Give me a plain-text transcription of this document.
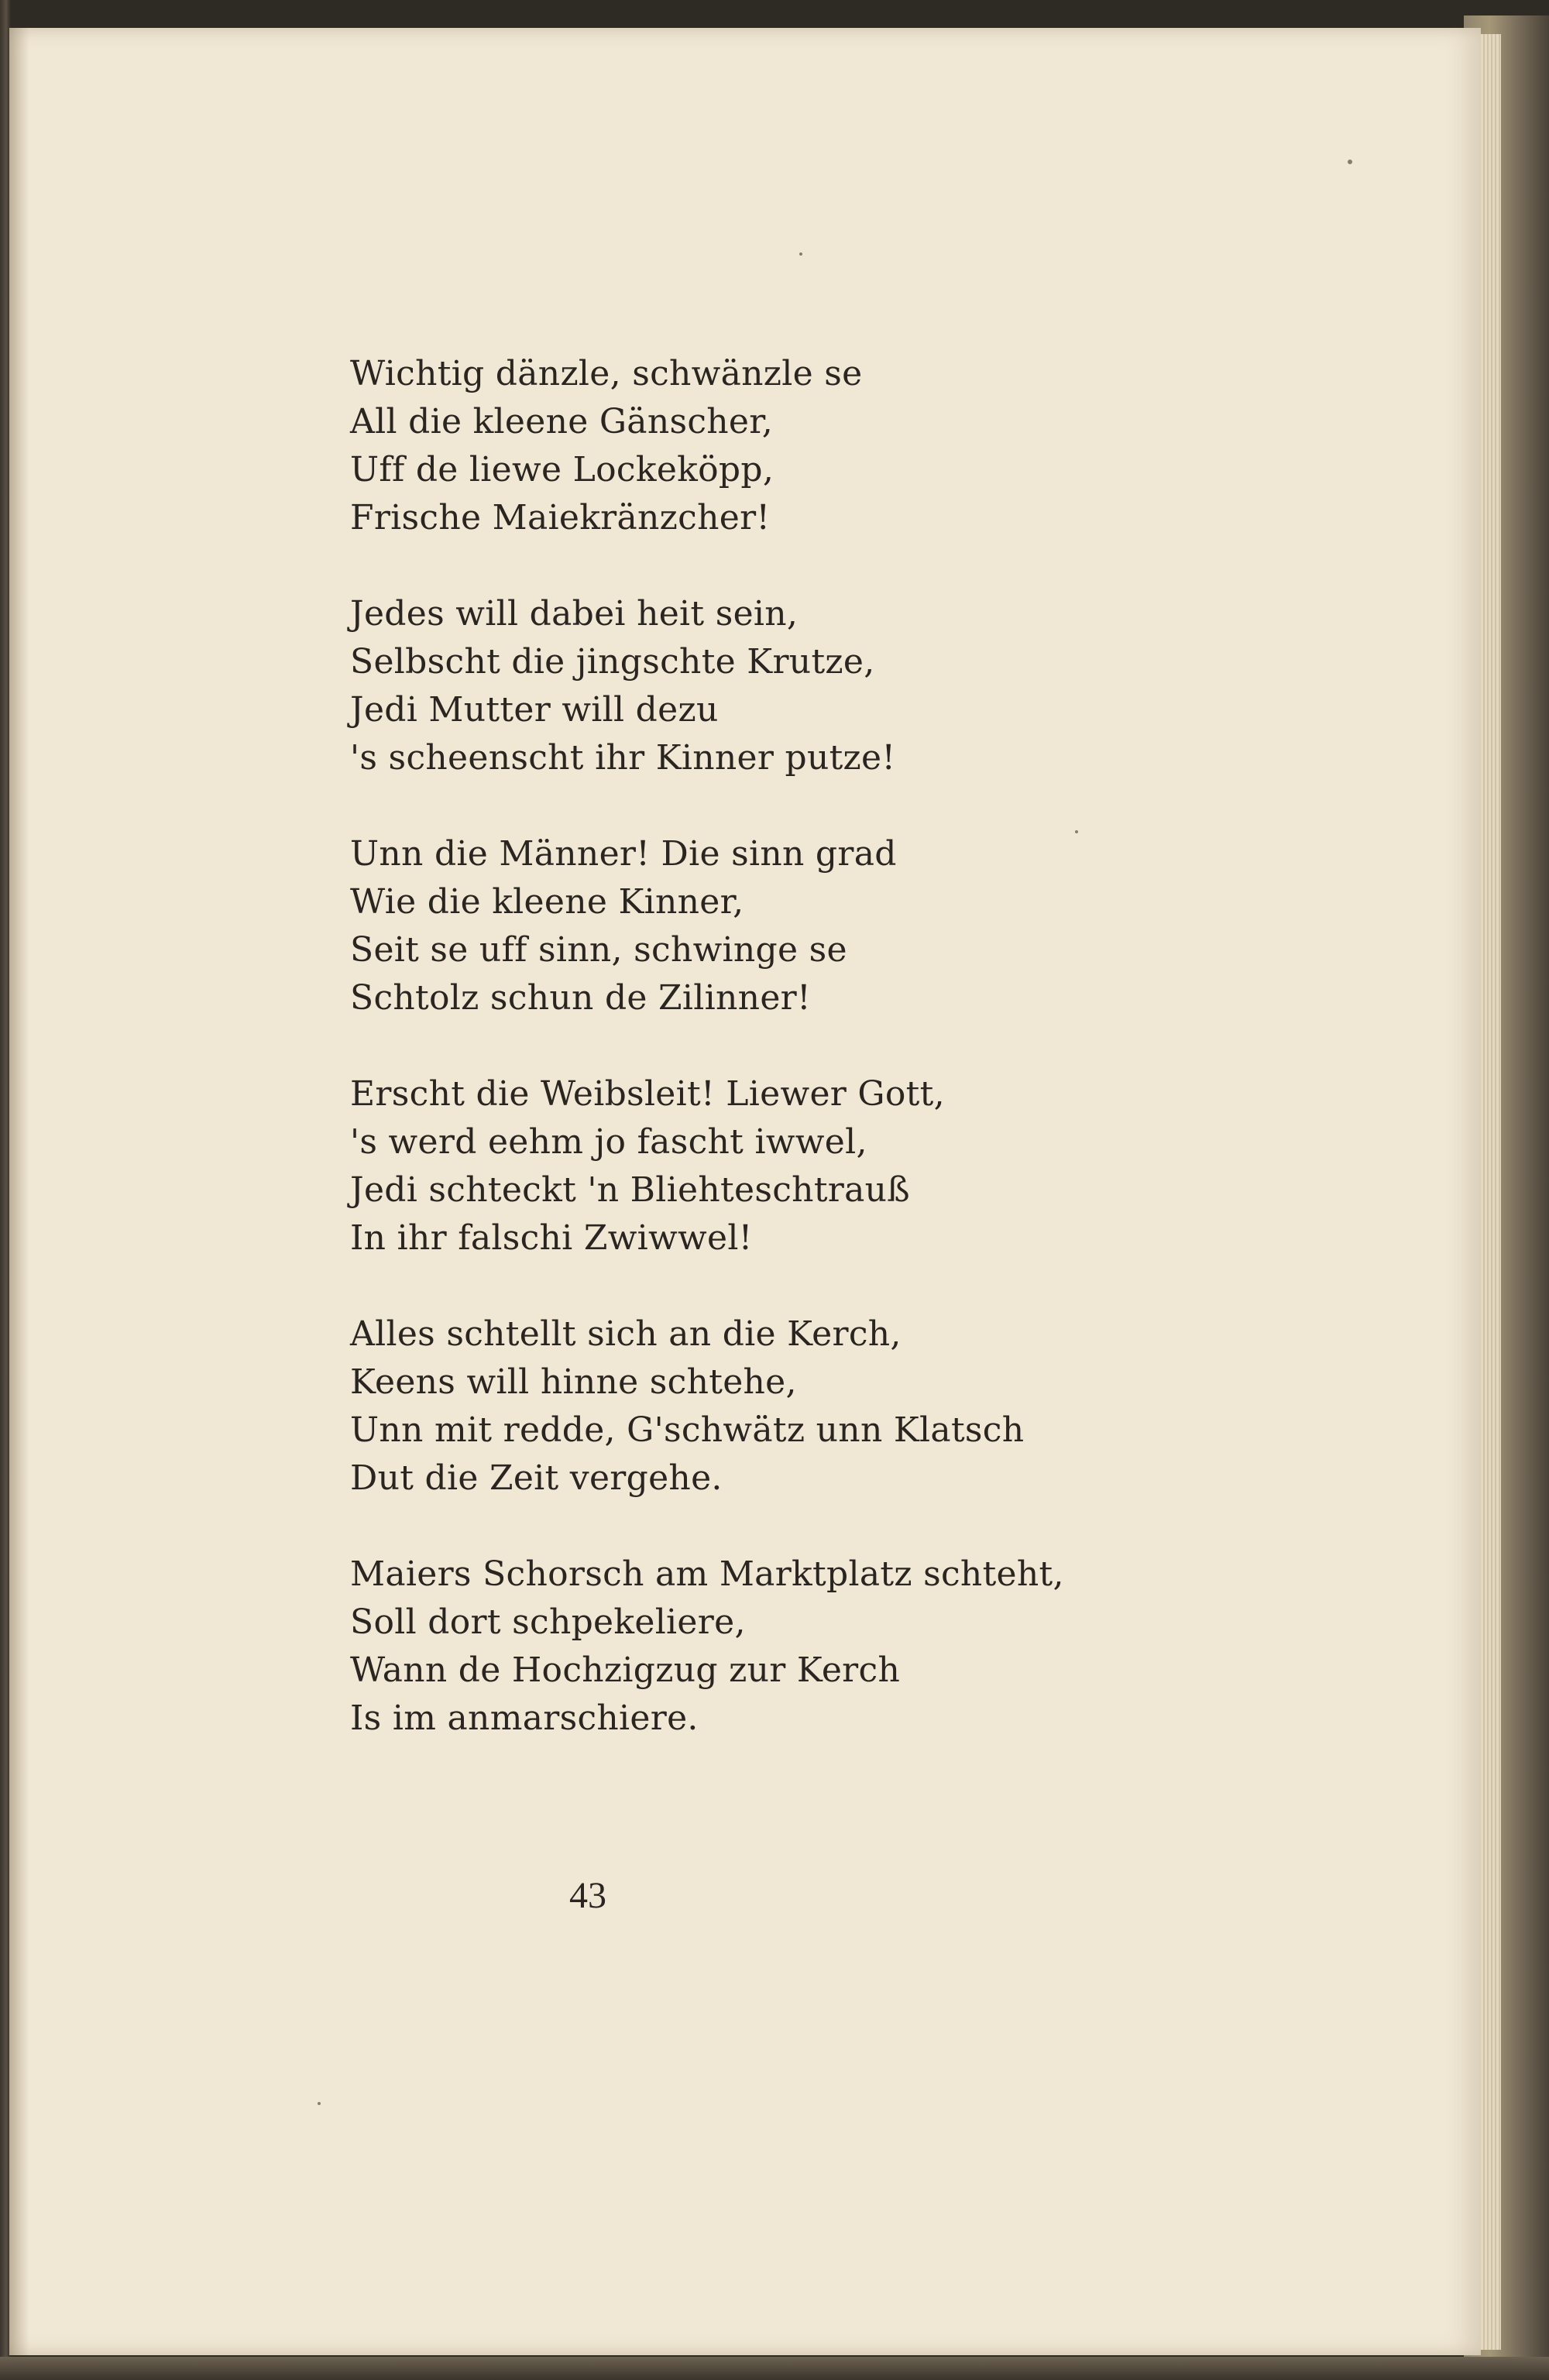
Wichtig dänzle, schwänzle se
All die kleene Gänscher,
Uff de liewe Lockeköpp,
Frische Maiekränzcher!
Jedes will dabei heit sein,
Selbscht die jingschte Krutze,
Jedi Mutter will dezu
's scheenscht ihr Kinner putze!
Unn die Männer! Die sinn grad
Wie die kleene Kinner,
Seit se uff sinn, schwinge se
Schtolz schun de Zilinner!
Erscht die Weibsleit! Liewer Gott,
's werd eehm jo fascht iwwel,
Jedi schteckt 'n Bliehteschtrauß
In ihr falschi Zwiwwel!
Alles schtellt sich an die Kerch,
Keens will hinne schtehe,
Unn mit redde, G'schwätz unn Klatsch
Dut die Zeit vergehe.
Maiers Schorsch am Marktplatz schteht,
Soll dort schpekeliere,
Wann de Hochzigzug zur Kerch
Is im anmarschiere.
43
